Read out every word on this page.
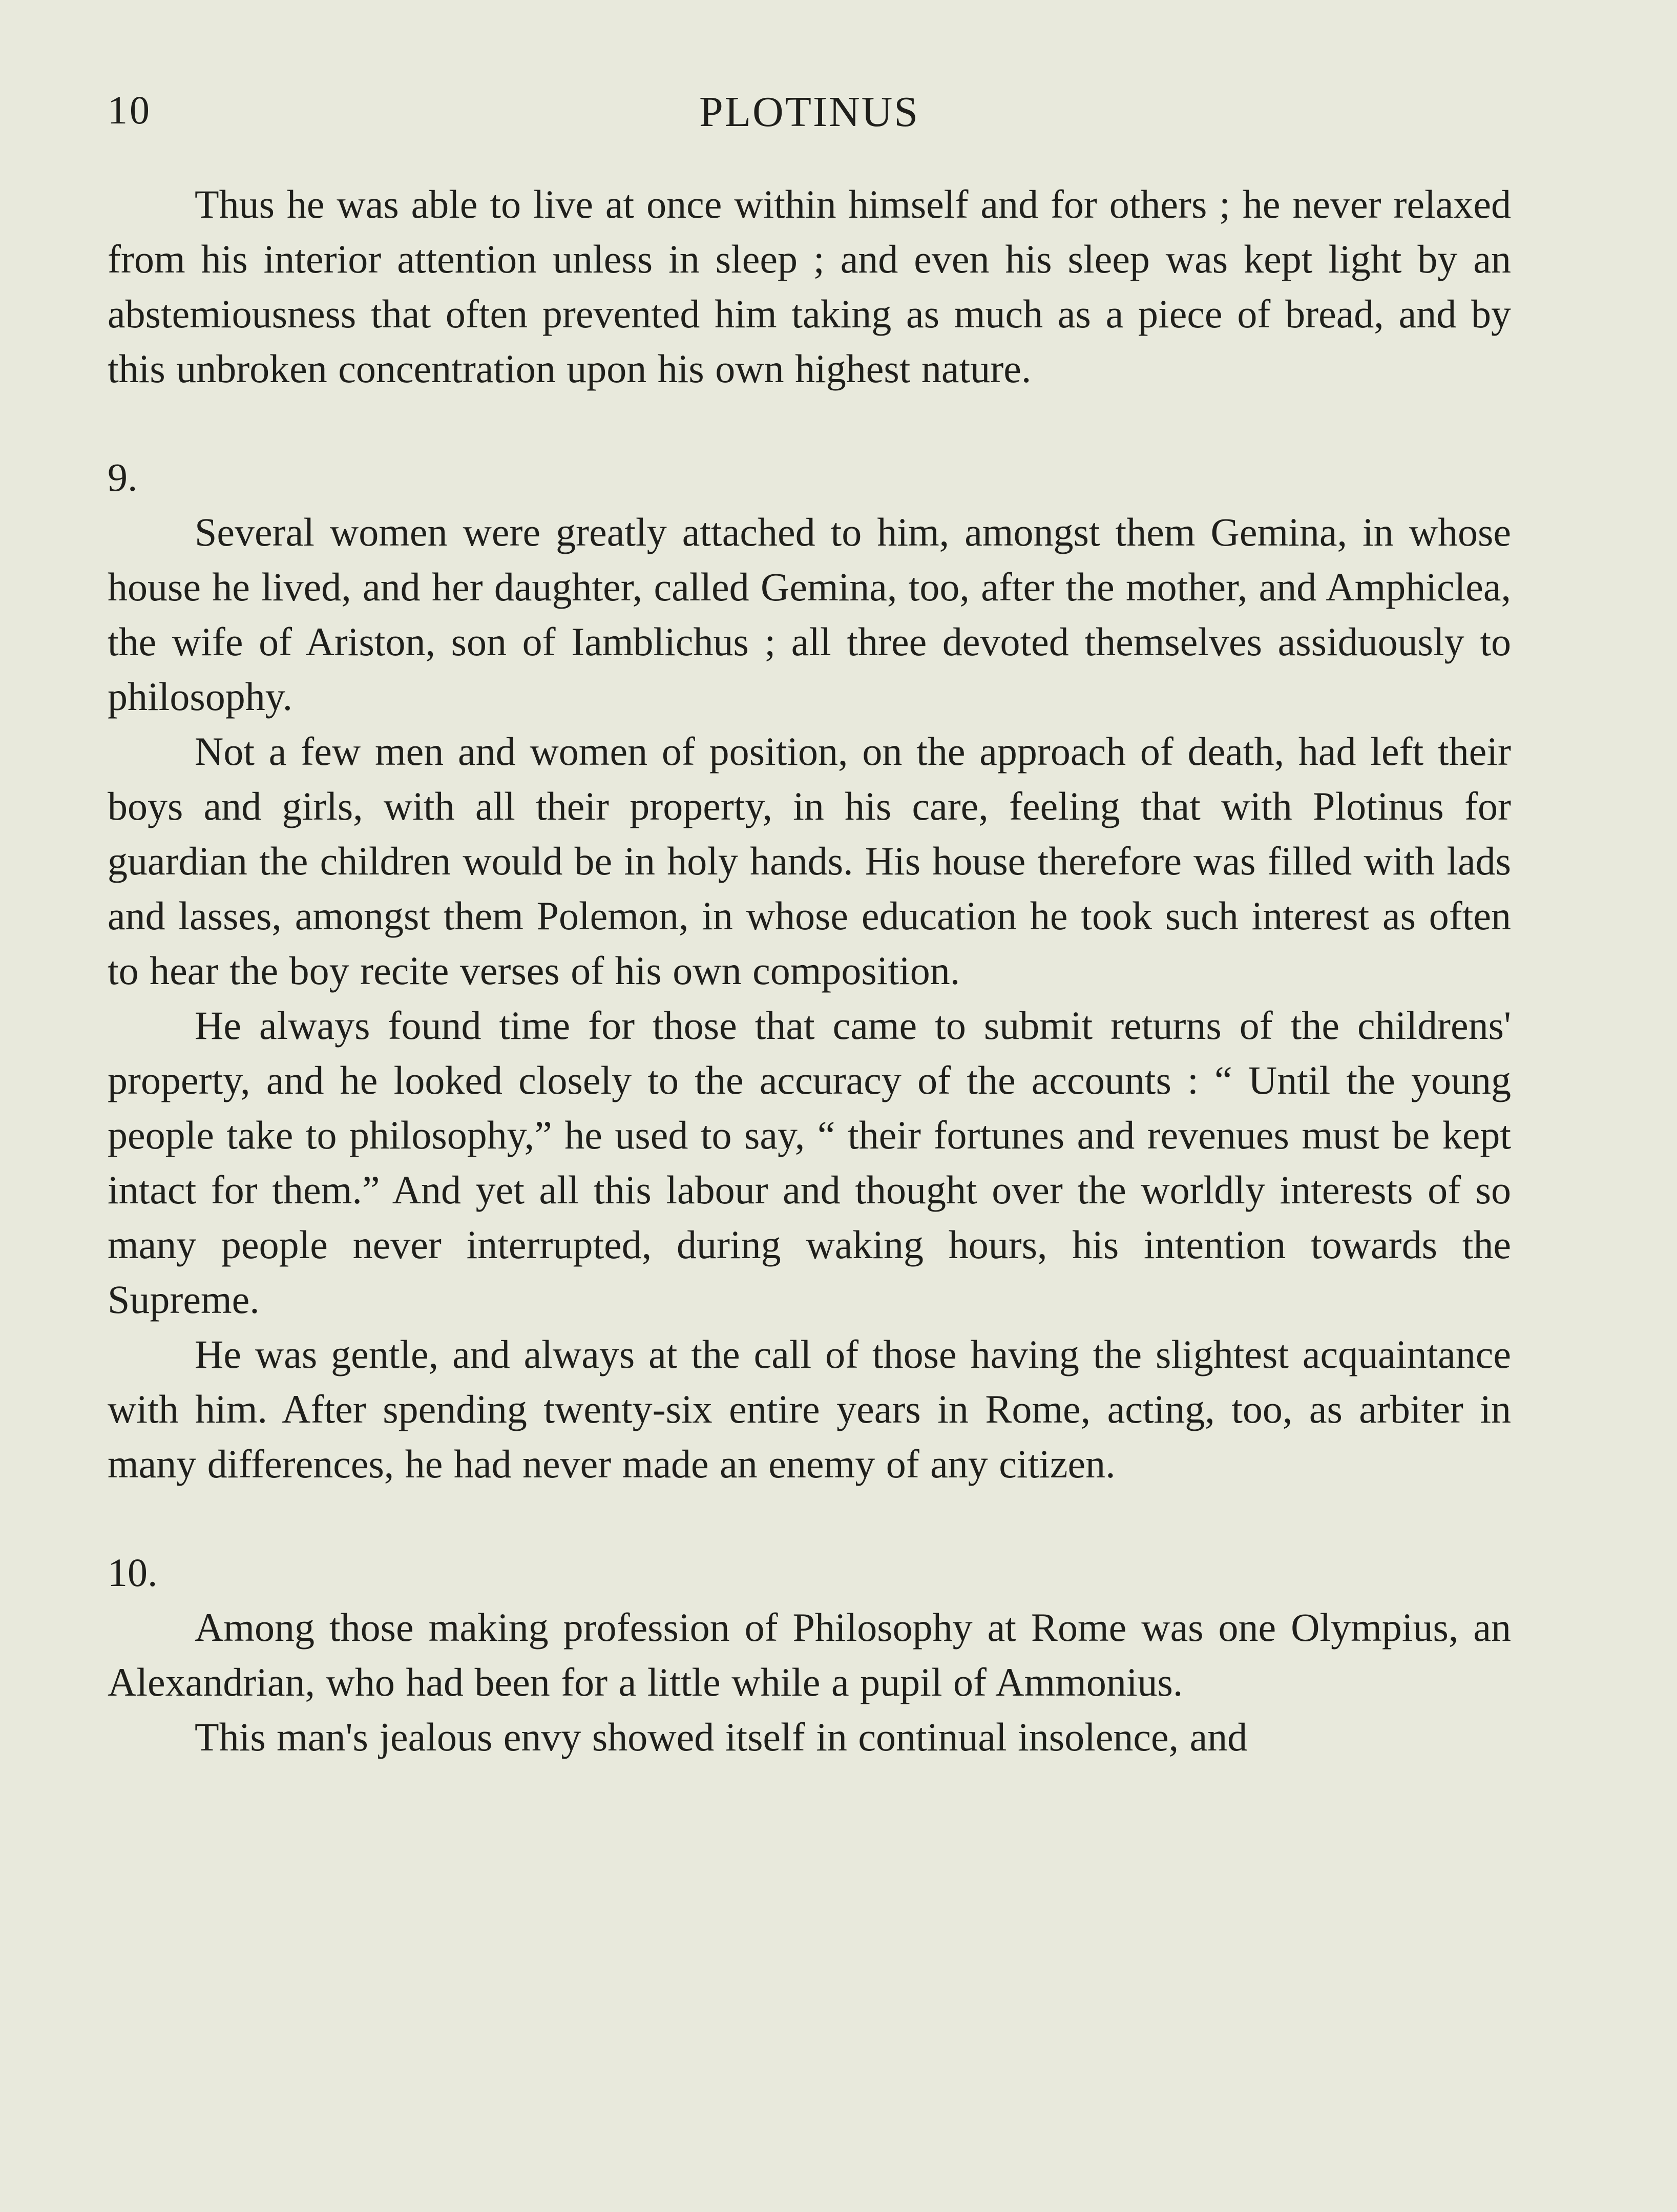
10	PLOTINUS

Thus he was able to live at once within himself and for others ; he never relaxed from his interior attention unless in sleep ; and even his sleep was kept light by an abstemiousness that often prevented him taking as much as a piece of bread, and by this unbroken concentration upon his own highest nature.

9.

Several women were greatly attached to him, amongst them Gemina, in whose house he lived, and her daughter, called Gemina, too, after the mother, and Amphiclea, the wife of Ariston, son of Iamblichus ; all three devoted themselves assiduously to philosophy.

Not a few men and women of position, on the approach of death, had left their boys and girls, with all their property, in his care, feeling that with Plotinus for guardian the children would be in holy hands. His house therefore was filled with lads and lasses, amongst them Polemon, in whose education he took such interest as often to hear the boy recite verses of his own composition.

He always found time for those that came to submit returns of the childrens' property, and he looked closely to the accuracy of the accounts : “ Until the young people take to philosophy,” he used to say, “ their fortunes and revenues must be kept intact for them.” And yet all this labour and thought over the worldly interests of so many people never interrupted, during waking hours, his intention towards the Supreme.

He was gentle, and always at the call of those having the slightest acquaintance with him. After spending twenty-six entire years in Rome, acting, too, as arbiter in many differences, he had never made an enemy of any citizen.

10.

Among those making profession of Philosophy at Rome was one Olympius, an Alexandrian, who had been for a little while a pupil of Ammonius.

This man's jealous envy showed itself in continual insolence, and
